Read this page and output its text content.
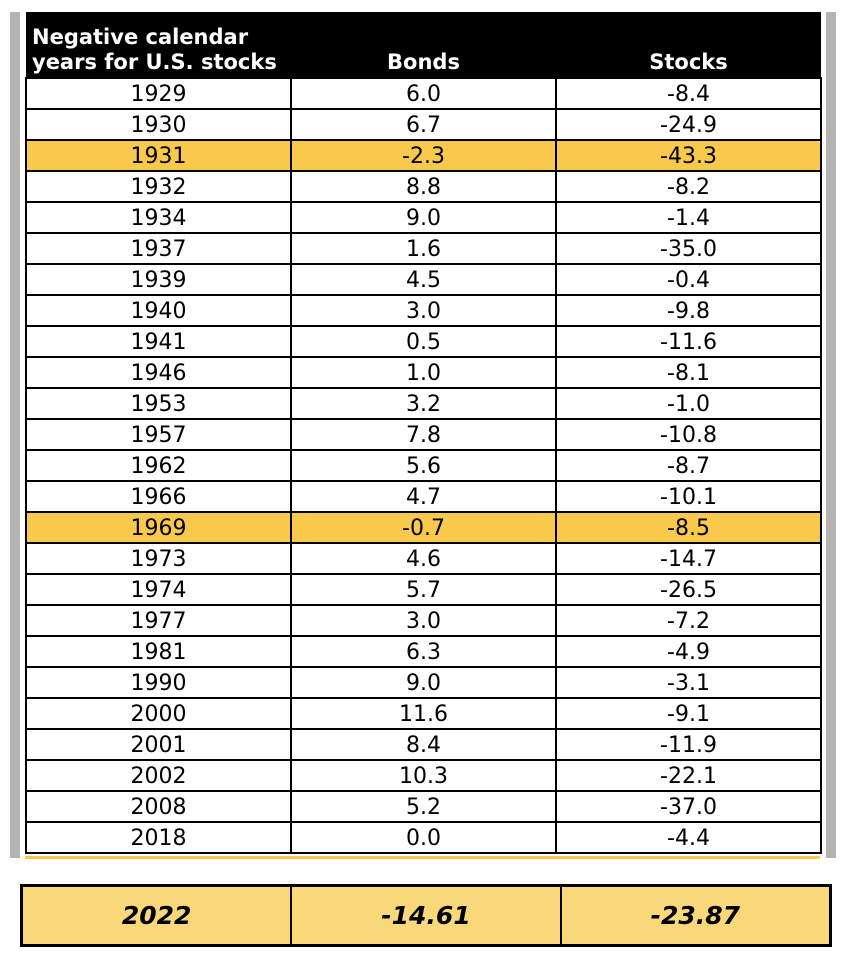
Negative calendar
years for U.S. stocks	Bonds	Stocks
1929	6.0	-8.4
1930	6.7	-24.9
1931	-2.3	-43.3
1932	8.8	-8.2
1934	9.0	-1.4
1937	1.6	-35.0
1939	4.5	-0.4
1940	3.0	-9.8
1941	0.5	-11.6
1946	1.0	-8.1
1953	3.2	-1.0
1957	7.8	-10.8
1962	5.6	-8.7
1966	4.7	-10.1
1969	-0.7	-8.5
1973	4.6	-14.7
1974	5.7	-26.5
1977	3.0	-7.2
1981	6.3	-4.9
1990	9.0	-3.1
2000	11.6	-9.1
2001	8.4	-11.9
2002	10.3	-22.1
2008	5.2	-37.0
2018	0.0	-4.4
2022	-14.61	-23.87
